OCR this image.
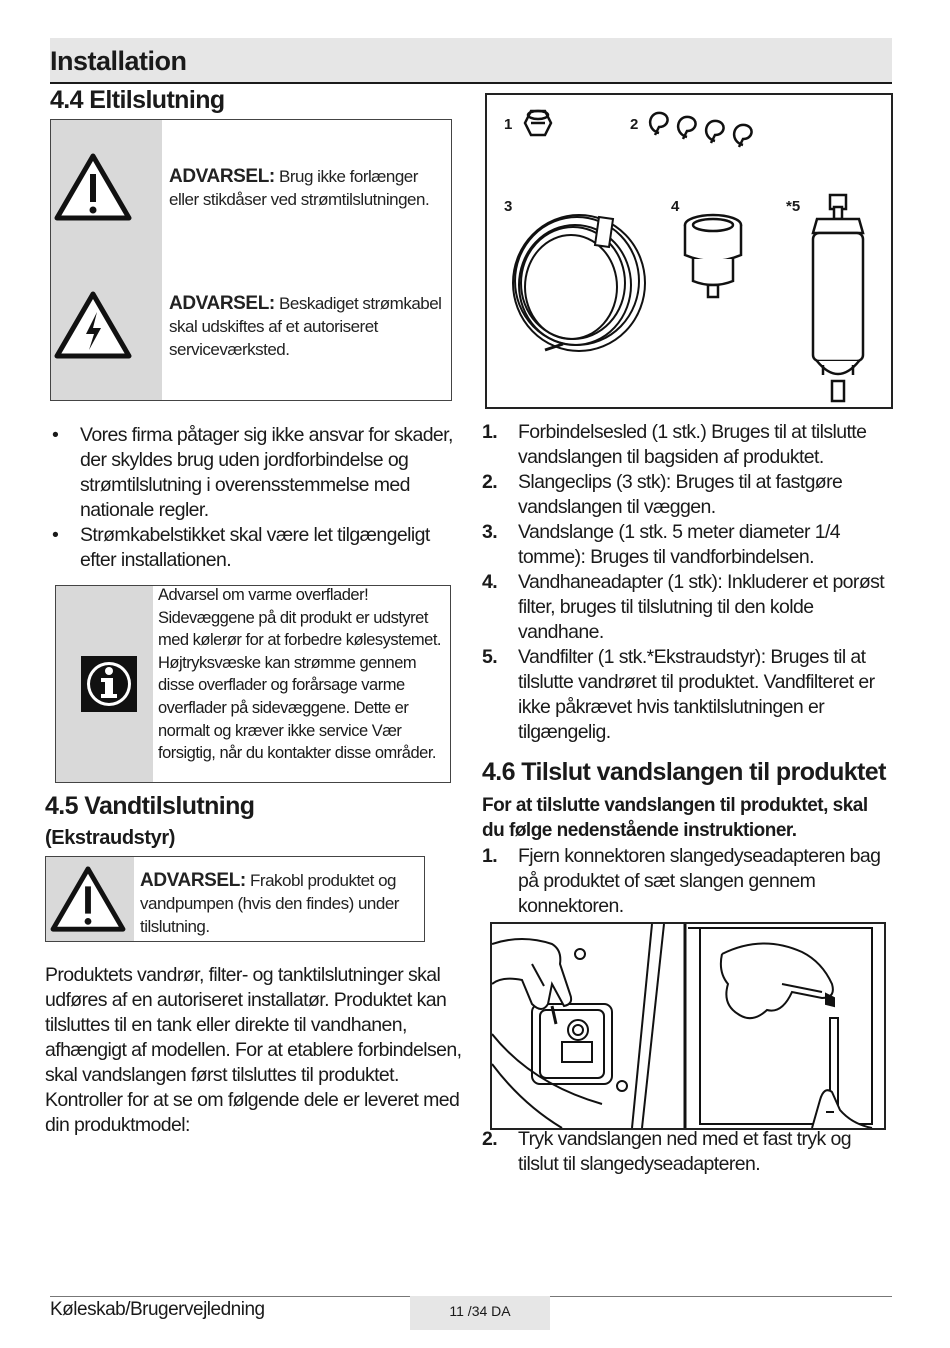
Installation
4.4 Eltilslutning
ADVARSEL: Brug ikke forlænger eller stikdåser ved strømtilslutningen.
ADVARSEL: Beskadiget strømkabel skal udskiftes af et autoriseret serviceværksted.
• Vores firma påtager sig ikke ansvar for skader, der skyldes brug uden jordforbindelse og strømtilslutning i overensstemmelse med nationale regler.
• Strømkabelstikket skal være let tilgængeligt efter installationen.
Advarsel om varme overflader! Sidevæggene på dit produkt er udstyret med kølerør for at forbedre kølesystemet. Højtryksvæske kan strømme gennem disse overflader og forårsage varme overflader på sidevæggene. Dette er normalt og kræver ikke service Vær forsigtig, når du kontakter disse områder.
4.5 Vandtilslutning
(Ekstraudstyr)
ADVARSEL: Frakobl produktet og vandpumpen (hvis den findes) under tilslutning.
Produktets vandrør, filter- og tanktilslutninger skal udføres af en autoriseret installatør. Produktet kan tilsluttes til en tank eller direkte til vandhanen, afhængigt af modellen. For at etablere forbindelsen, skal vandslangen først tilsluttes til produktet. Kontroller for at se om følgende dele er leveret med din produktmodel:
1	2
3	4	*5
1. Forbindelsesled (1 stk.) Bruges til at tilslutte vandslangen til bagsiden af produktet.
2. Slangeclips (3 stk): Bruges til at fastgøre vandslangen til væggen.
3. Vandslange (1 stk. 5 meter diameter 1/4 tomme): Bruges til vandforbindelsen.
4. Vandhaneadapter (1 stk): Inkluderer et porøst filter, bruges til tilslutning til den kolde vandhane.
5. Vandfilter (1 stk.*Ekstraudstyr): Bruges til at tilslutte vandrøret til produktet. Vandfilteret er ikke påkrævet hvis tanktilslutningen er tilgængelig.
4.6 Tilslut vandslangen til produktet
For at tilslutte vandslangen til produktet, skal du følge nedenstående instruktioner.
1. Fjern konnektoren slangedyseadapteren bag på produktet of sæt slangen gennem konnektoren.
2. Tryk vandslangen ned med et fast tryk og tilslut til slangedyseadapteren.
Køleskab/Brugervejledning	11 /34 DA
